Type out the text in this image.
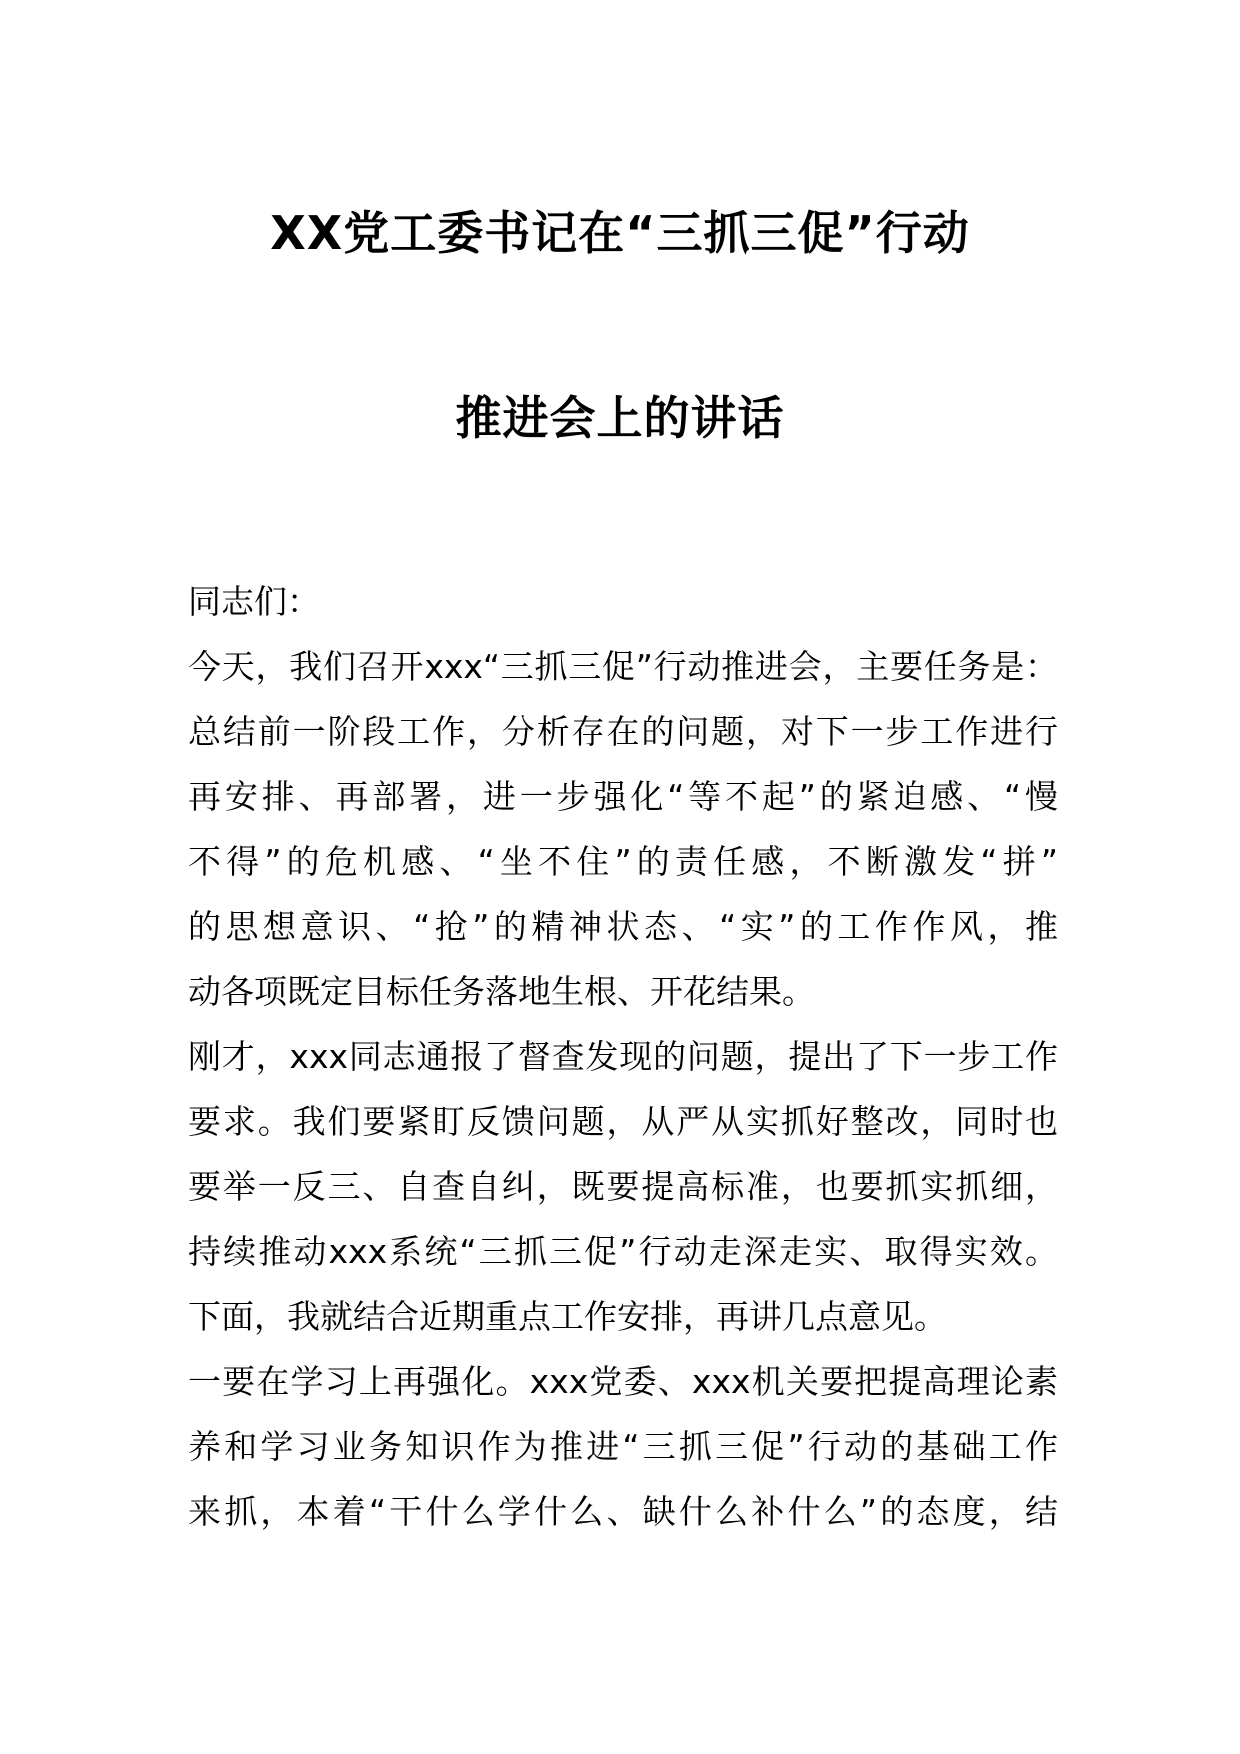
XX党工委书记在“三抓三促”行动
推进会上的讲话
同志们：
今天，我们召开xxx“三抓三促”行动推进会，主要任务是：
总结前一阶段工作，分析存在的问题，对下一步工作进行
再安排、再部署，进一步强化“等不起”的紧迫感、“慢
不得”的危机感、“坐不住”的责任感，不断激发“拼”
的思想意识、“抢”的精神状态、“实”的工作作风，推
动各项既定目标任务落地生根、开花结果。
刚才，xxx同志通报了督查发现的问题，提出了下一步工作
要求。我们要紧盯反馈问题，从严从实抓好整改，同时也
要举一反三、自查自纠，既要提高标准，也要抓实抓细，
持续推动xxx系统“三抓三促”行动走深走实、取得实效。
下面，我就结合近期重点工作安排，再讲几点意见。
一要在学习上再强化。xxx党委、xxx机关要把提高理论素
养和学习业务知识作为推进“三抓三促”行动的基础工作
来抓，本着“干什么学什么、缺什么补什么”的态度，结
